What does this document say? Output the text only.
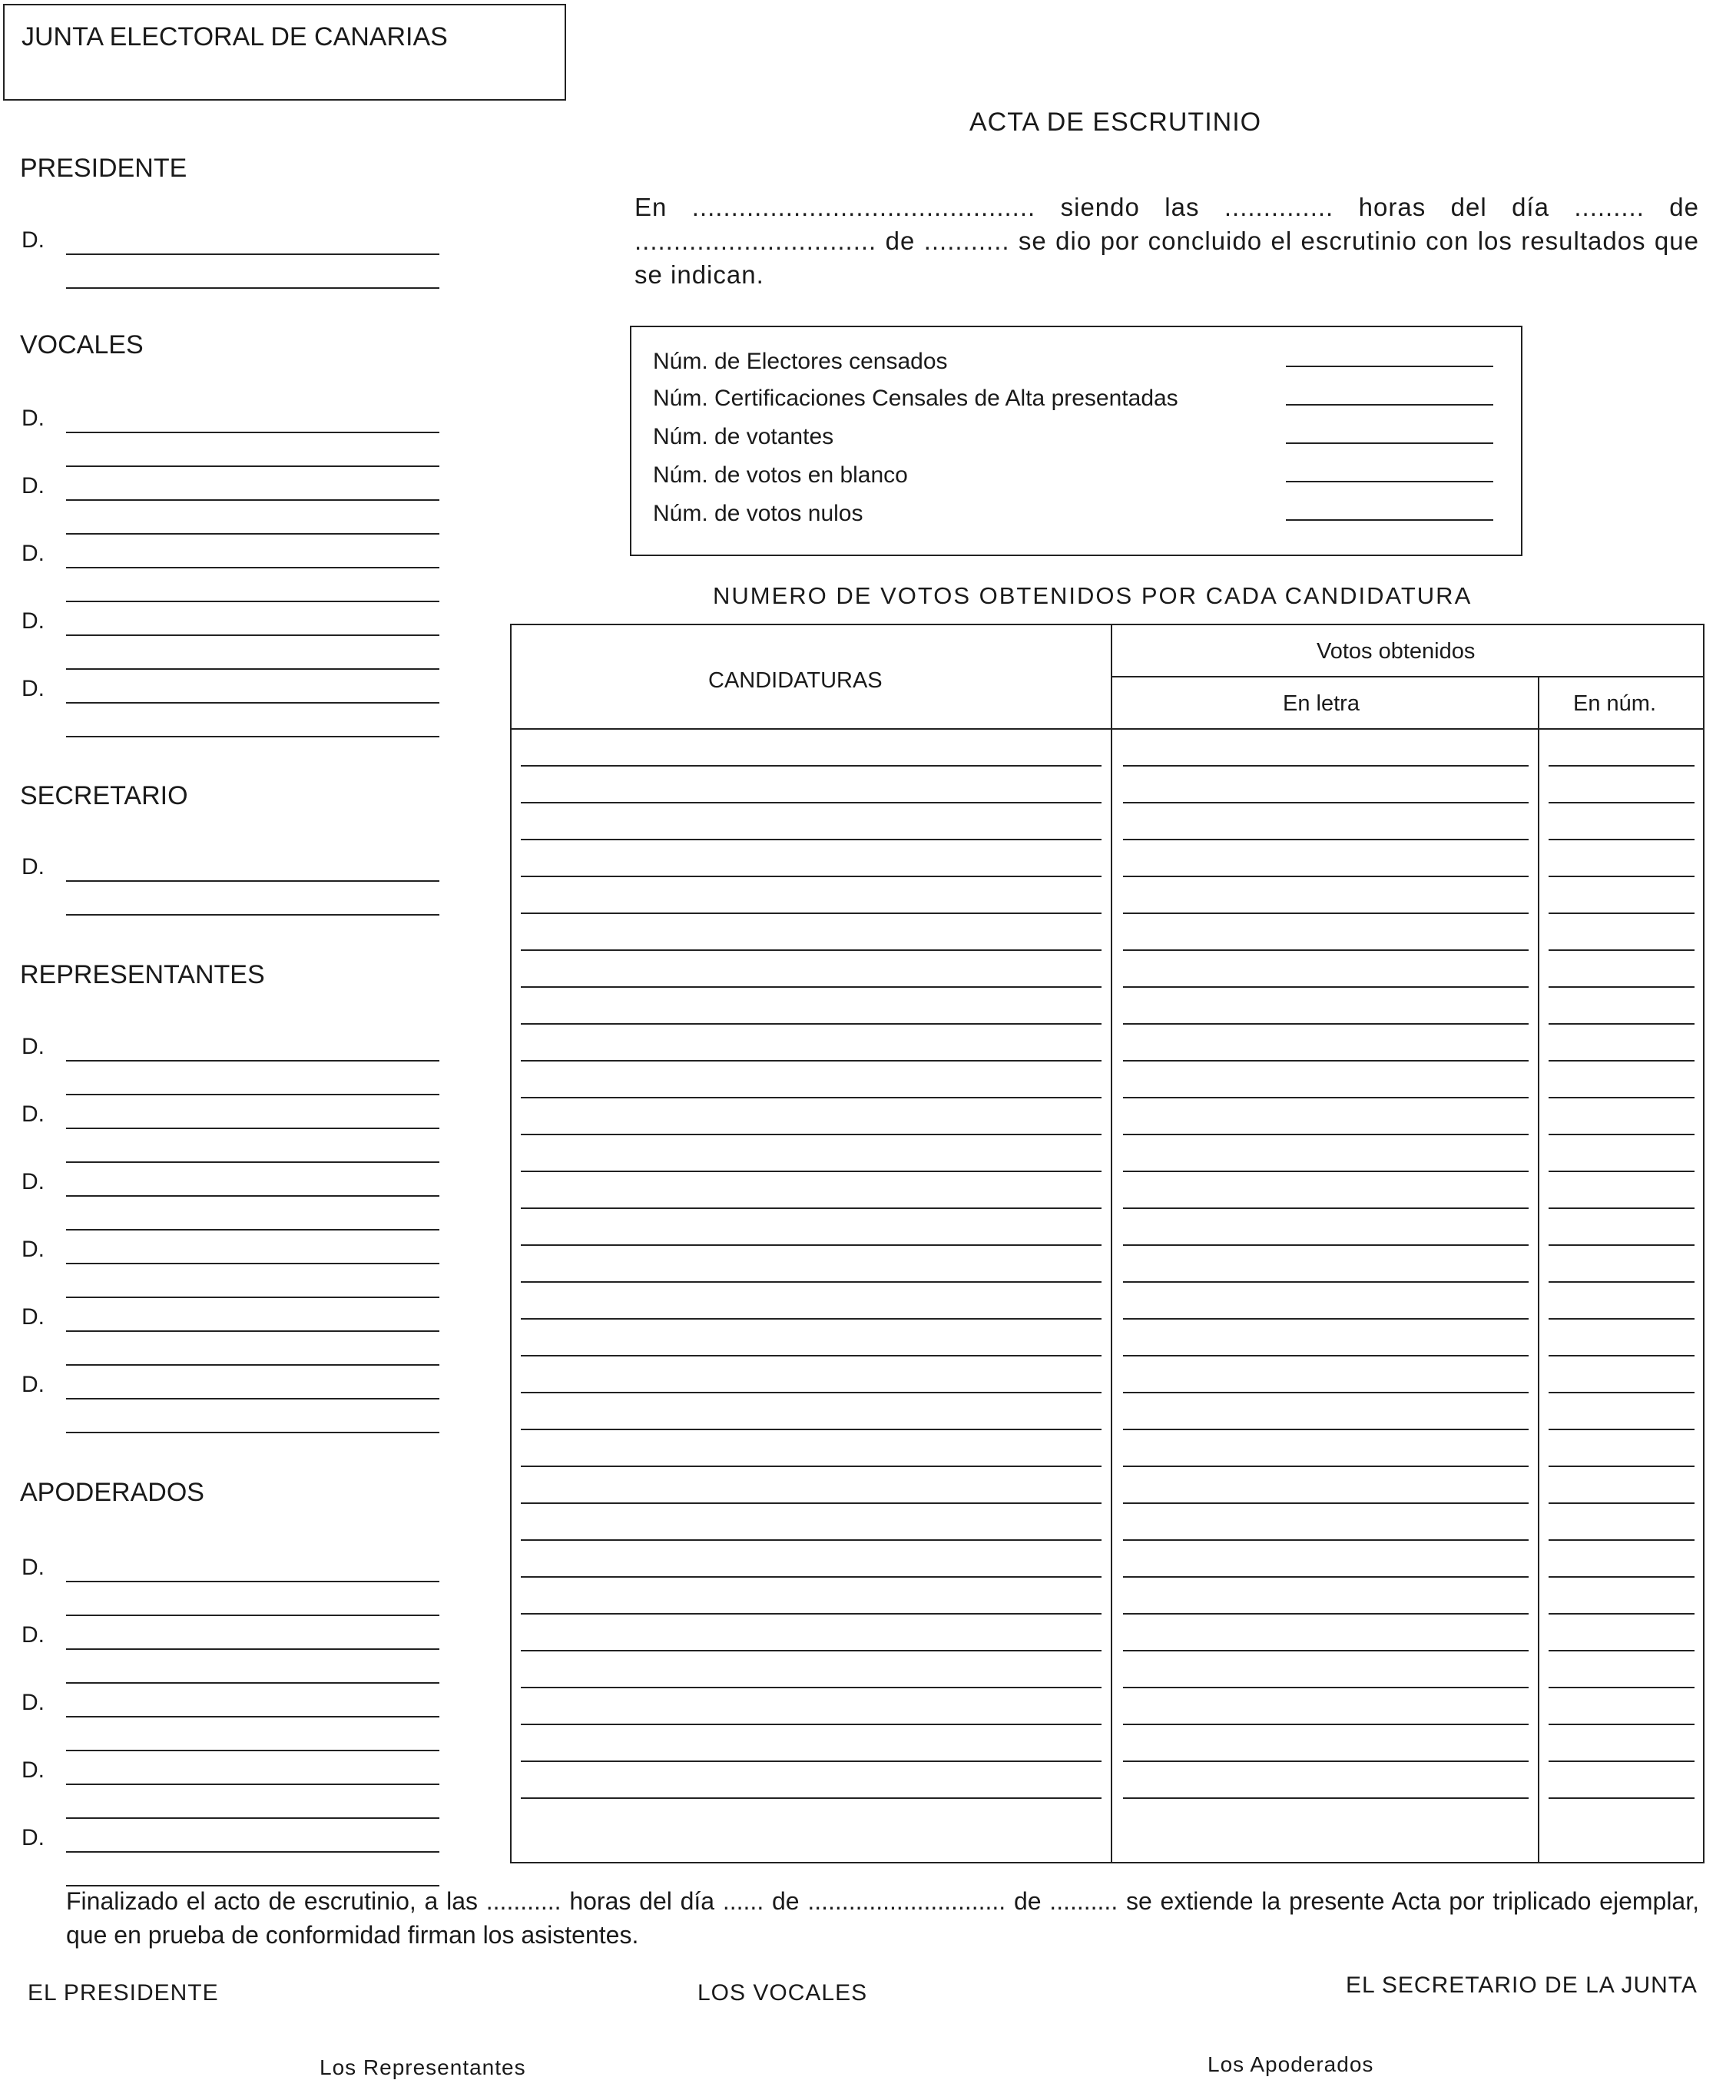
JUNTA ELECTORAL DE CANARIAS
ACTA DE ESCRUTINIO
PRESIDENTE
VOCALES
SECRETARIO
REPRESENTANTES
APODERADOS
D.
D.
D.
D.
D.
D.
D.
D.
D.
D.
D.
D.
D.
D.
D.
D.
D.
D.
En ............................................ siendo las .............. horas del día ......... de ............................... de ........... se dio por concluido el escrutinio con los resultados que se indican.
Núm. de Electores censados
Núm. Certificaciones Censales de Alta presentadas
Núm. de votantes
Núm. de votos en blanco
Núm. de votos nulos
NUMERO DE VOTOS OBTENIDOS POR CADA CANDIDATURA
CANDIDATURAS
Votos obtenidos
En letra	En núm.
Finalizado el acto de escrutinio, a las ........... horas del día ...... de ............................. de .......... se extiende la presente Acta por triplicado ejemplar, que en prueba de conformidad firman los asistentes.
EL PRESIDENTE	LOS VOCALES	EL SECRETARIO DE LA JUNTA
Los Representantes	Los Apoderados
